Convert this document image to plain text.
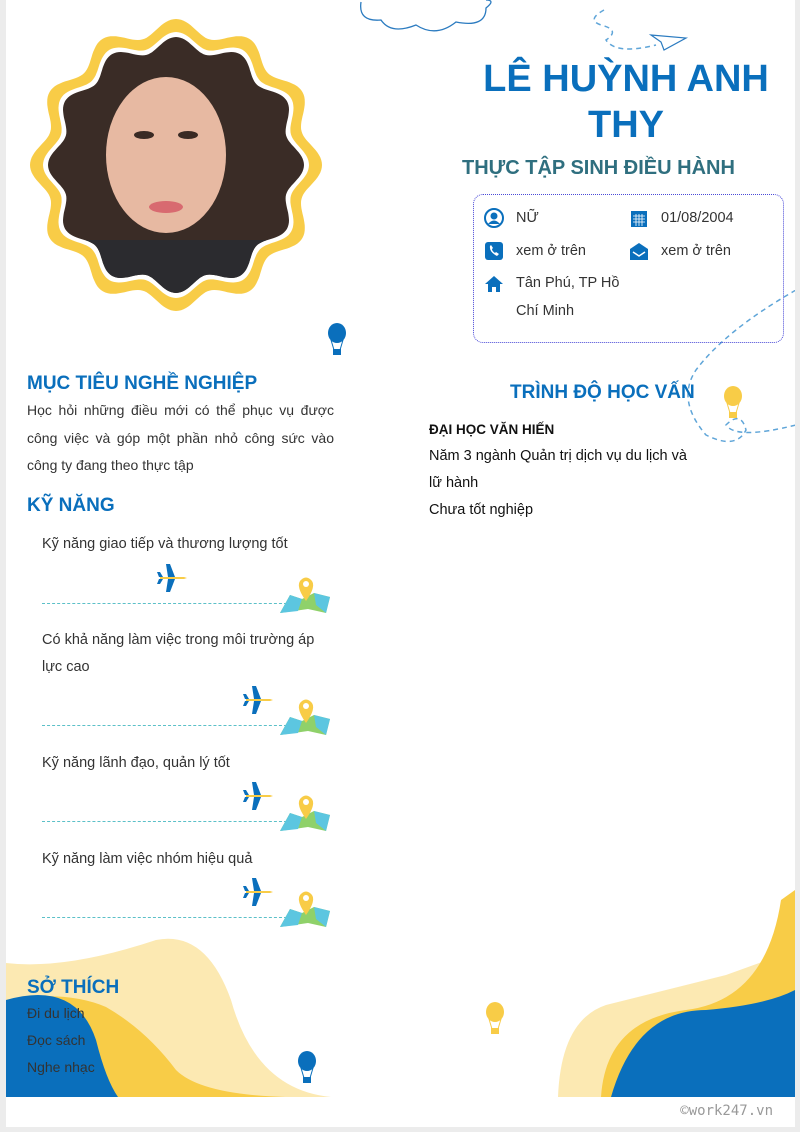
LÊ HUỲNH ANH THY
THỰC TẬP SINH ĐIỀU HÀNH
NỮ	01/08/2004
xem ở trên	xem ở trên
Tân Phú, TP Hồ Chí Minh
MỤC TIÊU NGHỀ NGHIỆP
Học hỏi những điều mới có thể phục vụ được công việc và góp một phần nhỏ công sức vào công ty đang theo thực tập
KỸ NĂNG
Kỹ năng giao tiếp và thương lượng tốt
Có khả năng làm việc trong môi trường áp lực cao
Kỹ năng lãnh đạo, quản lý tốt
Kỹ năng làm việc nhóm hiệu quả
TRÌNH ĐỘ HỌC VẤN
ĐẠI HỌC VĂN HIẾN
Năm 3 ngành Quản trị dịch vụ du lịch và lữ hành
Chưa tốt nghiệp
SỞ THÍCH
Đi du lịch
Đọc sách
Nghe nhạc
©work247.vn
